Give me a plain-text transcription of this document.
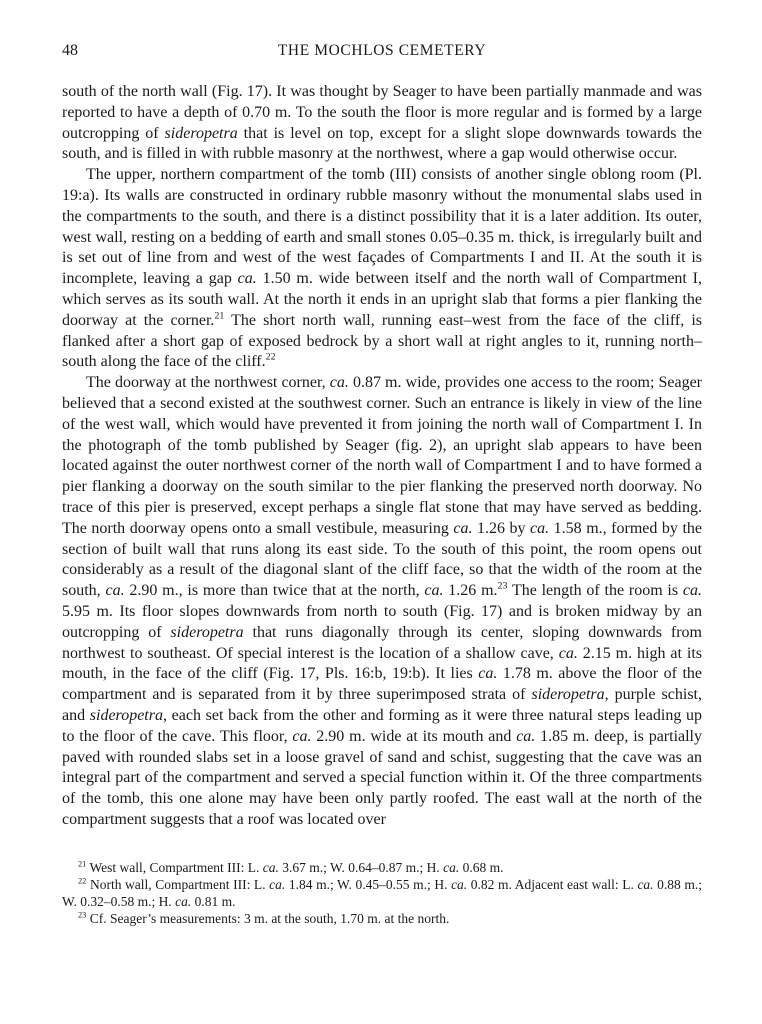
48	THE MOCHLOS CEMETERY

south of the north wall (Fig. 17). It was thought by Seager to have been partially manmade and was reported to have a depth of 0.70 m. To the south the floor is more regular and is formed by a large outcropping of sideropetra that is level on top, except for a slight slope downwards towards the south, and is filled in with rubble masonry at the northwest, where a gap would otherwise occur.

The upper, northern compartment of the tomb (III) consists of another single oblong room (Pl. 19:a). Its walls are constructed in ordinary rubble masonry without the monumental slabs used in the compartments to the south, and there is a distinct possibility that it is a later addition. Its outer, west wall, resting on a bedding of earth and small stones 0.05–0.35 m. thick, is irregularly built and is set out of line from and west of the west façades of Compartments I and II. At the south it is incomplete, leaving a gap ca. 1.50 m. wide between itself and the north wall of Compartment I, which serves as its south wall. At the north it ends in an upright slab that forms a pier flanking the doorway at the corner.$^{21}$ The short north wall, running east–west from the face of the cliff, is flanked after a short gap of exposed bedrock by a short wall at right angles to it, running north–south along the face of the cliff.$^{22}$

The doorway at the northwest corner, ca. 0.87 m. wide, provides one access to the room; Seager believed that a second existed at the southwest corner. Such an entrance is likely in view of the line of the west wall, which would have prevented it from joining the north wall of Compartment I. In the photograph of the tomb published by Seager (fig. 2), an upright slab appears to have been located against the outer northwest corner of the north wall of Compartment I and to have formed a pier flanking a doorway on the south similar to the pier flanking the preserved north doorway. No trace of this pier is preserved, except perhaps a single flat stone that may have served as bedding. The north doorway opens onto a small vestibule, measuring ca. 1.26 by ca. 1.58 m., formed by the section of built wall that runs along its east side. To the south of this point, the room opens out considerably as a result of the diagonal slant of the cliff face, so that the width of the room at the south, ca. 2.90 m., is more than twice that at the north, ca. 1.26 m.$^{23}$ The length of the room is ca. 5.95 m. Its floor slopes downwards from north to south (Fig. 17) and is broken midway by an outcropping of sideropetra that runs diagonally through its center, sloping downwards from northwest to southeast. Of special interest is the location of a shallow cave, ca. 2.15 m. high at its mouth, in the face of the cliff (Fig. 17, Pls. 16:b, 19:b). It lies ca. 1.78 m. above the floor of the compartment and is separated from it by three superimposed strata of sideropetra, purple schist, and sideropetra, each set back from the other and forming as it were three natural steps leading up to the floor of the cave. This floor, ca. 2.90 m. wide at its mouth and ca. 1.85 m. deep, is partially paved with rounded slabs set in a loose gravel of sand and schist, suggesting that the cave was an integral part of the compartment and served a special function within it. Of the three compartments of the tomb, this one alone may have been only partly roofed. The east wall at the north of the compartment suggests that a roof was located over

$^{21}$ West wall, Compartment III: L. ca. 3.67 m.; W. 0.64–0.87 m.; H. ca. 0.68 m.

$^{22}$ North wall, Compartment III: L. ca. 1.84 m.; W. 0.45–0.55 m.; H. ca. 0.82 m. Adjacent east wall: L. ca. 0.88 m.; W. 0.32–0.58 m.; H. ca. 0.81 m.

$^{23}$ Cf. Seager’s measurements: 3 m. at the south, 1.70 m. at the north.
